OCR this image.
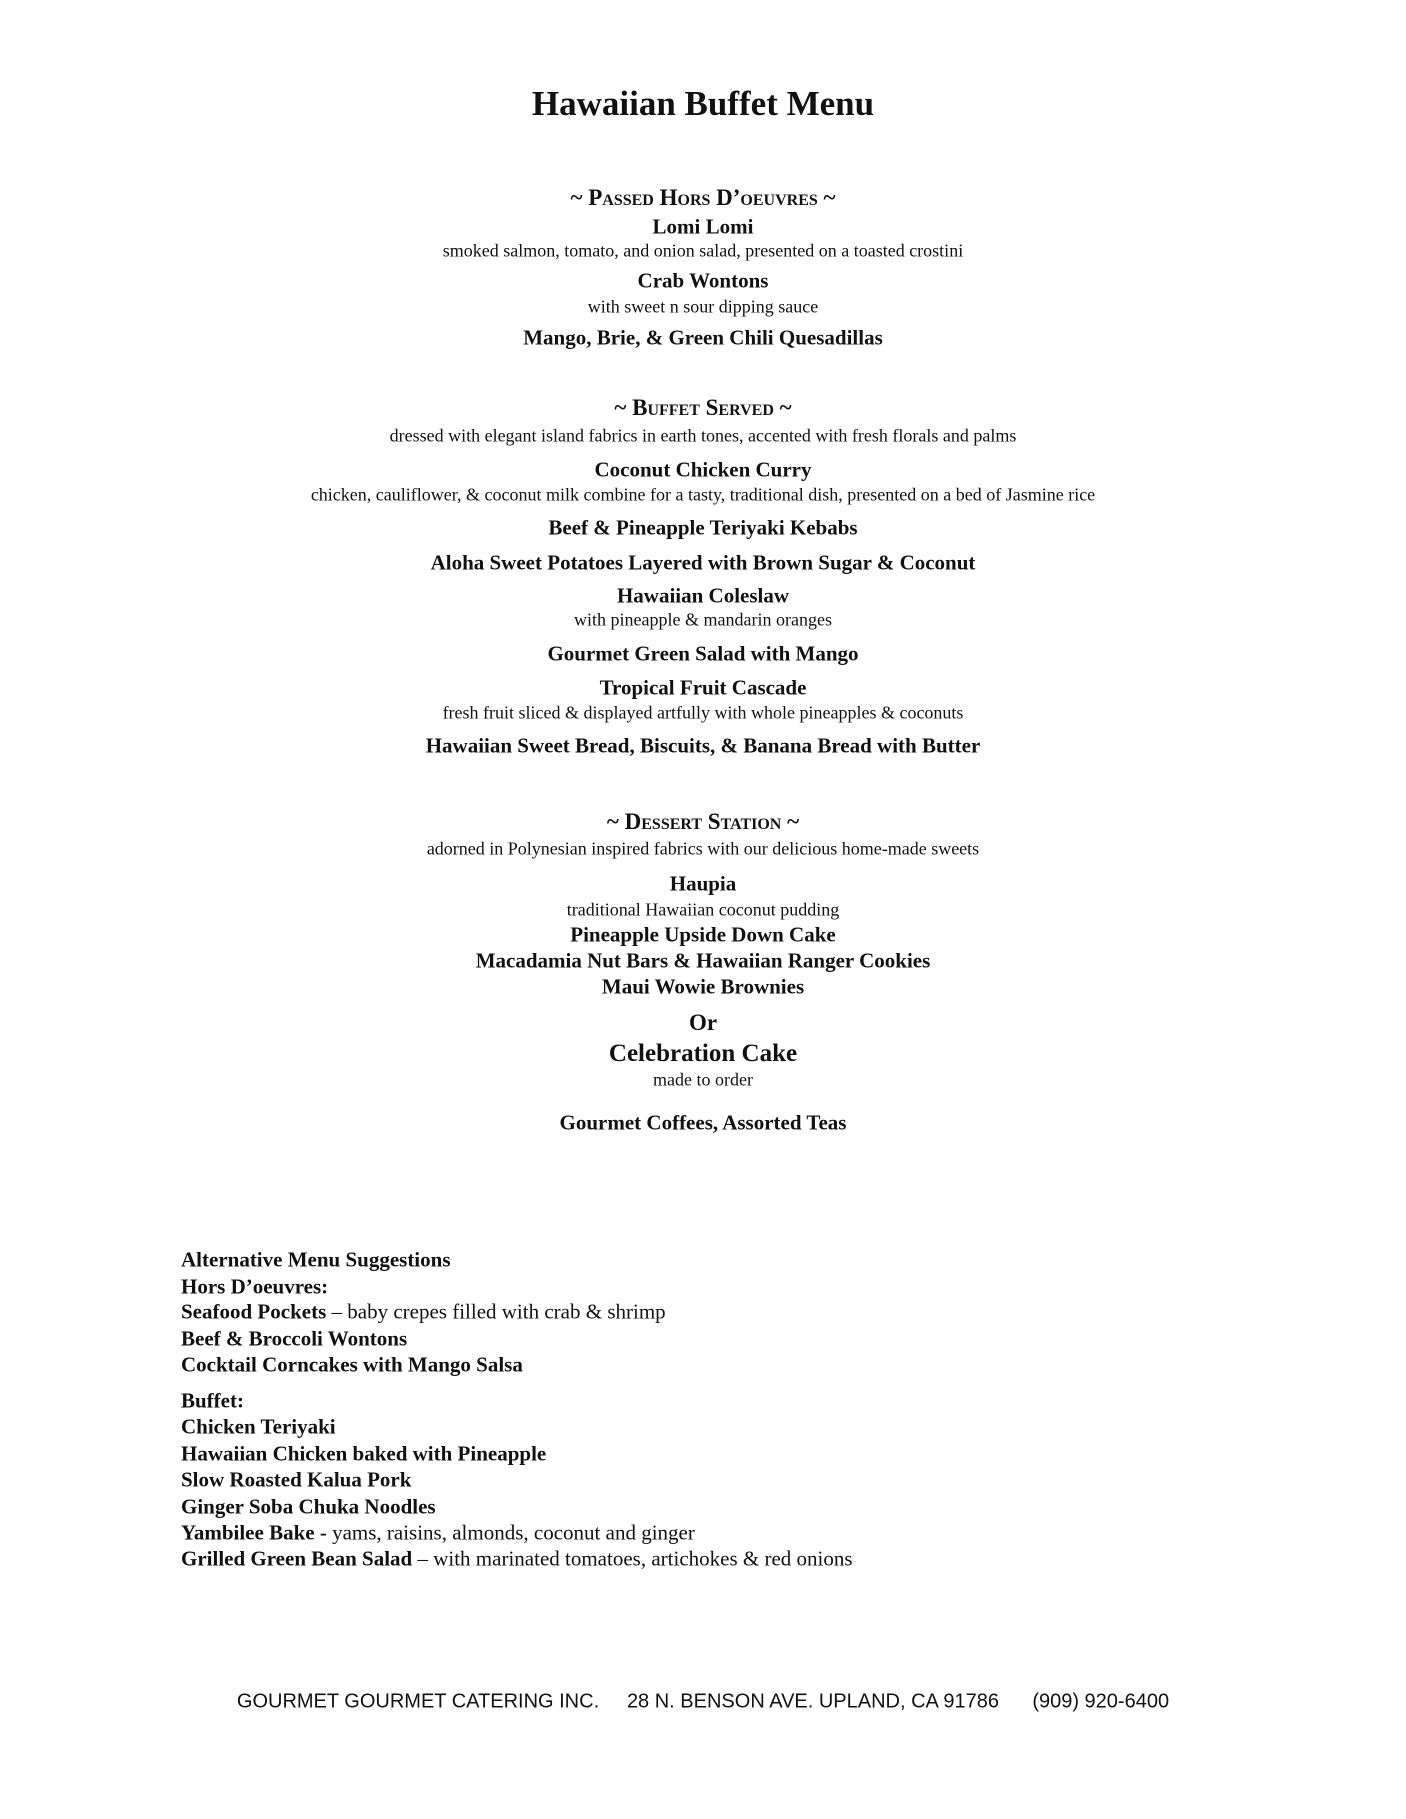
Hawaiian Buffet Menu
~ Passed Hors D’oeuvres ~
Lomi Lomi
smoked salmon, tomato, and onion salad, presented on a toasted crostini
Crab Wontons
with sweet n sour dipping sauce
Mango, Brie, & Green Chili Quesadillas
~ Buffet Served ~
dressed with elegant island fabrics in earth tones, accented with fresh florals and palms
Coconut Chicken Curry
chicken, cauliflower, & coconut milk combine for a tasty, traditional dish, presented on a bed of Jasmine rice
Beef & Pineapple Teriyaki Kebabs
Aloha Sweet Potatoes Layered with Brown Sugar & Coconut
Hawaiian Coleslaw
with pineapple & mandarin oranges
Gourmet Green Salad with Mango
Tropical Fruit Cascade
fresh fruit sliced & displayed artfully with whole pineapples & coconuts
Hawaiian Sweet Bread, Biscuits, & Banana Bread with Butter
~ Dessert Station ~
adorned in Polynesian inspired fabrics with our delicious home-made sweets
Haupia
traditional Hawaiian coconut pudding
Pineapple Upside Down Cake
Macadamia Nut Bars & Hawaiian Ranger Cookies
Maui Wowie Brownies
Or
Celebration Cake
made to order
Gourmet Coffees, Assorted Teas
Alternative Menu Suggestions
Hors D’oeuvres:
Seafood Pockets – baby crepes filled with crab & shrimp
Beef & Broccoli Wontons
Cocktail Corncakes with Mango Salsa
Buffet:
Chicken Teriyaki
Hawaiian Chicken baked with Pineapple
Slow Roasted Kalua Pork
Ginger Soba Chuka Noodles
Yambilee Bake - yams, raisins, almonds, coconut and ginger
Grilled Green Bean Salad – with marinated tomatoes, artichokes & red onions
GOURMET GOURMET CATERING INC. 28 N. BENSON AVE. UPLAND, CA 91786 (909) 920-6400
